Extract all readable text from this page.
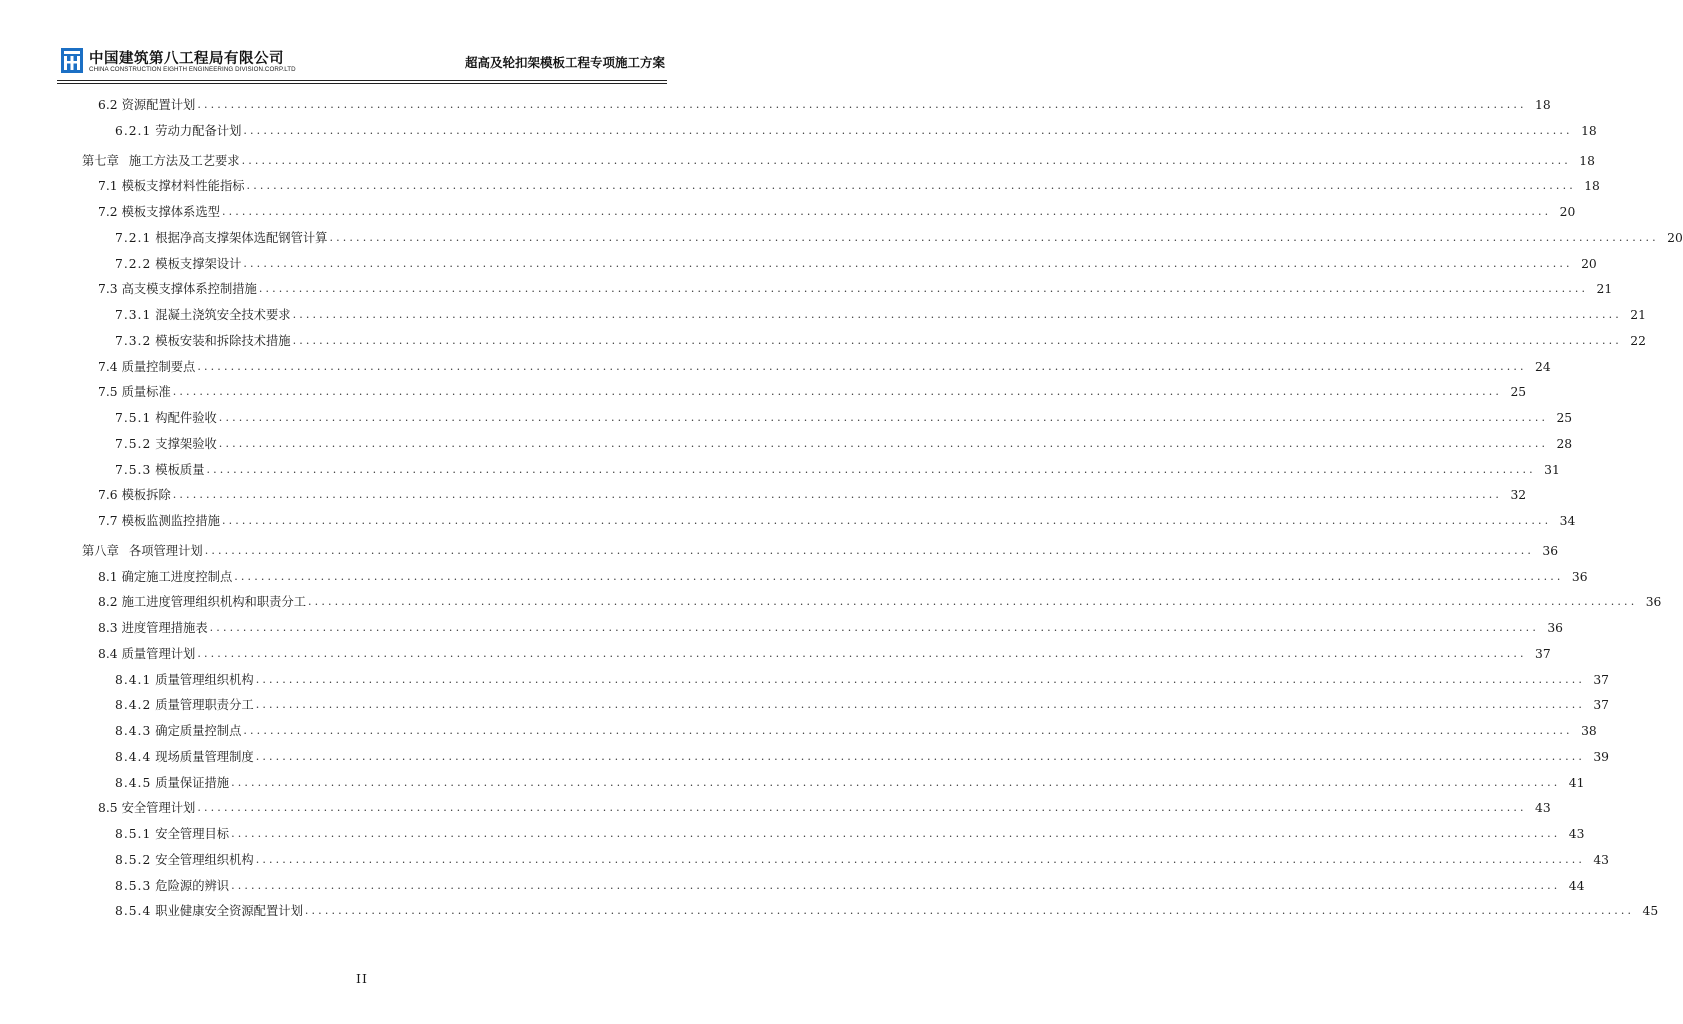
中国建筑第八工程局有限公司
CHINA CONSTRUCTION EIGHTH ENGINEERING DIVISION.CORP.LTD	超高及轮扣架模板工程专项施工方案
6.2 资源配置计划 ........................................................................................................................................................................................................ 18
6.2.1 劳动力配备计划 ........................................................................................................................................................................................................ 18
第七章 施工方法及工艺要求 ........................................................................................................................................................................................................ 18
7.1 模板支撑材料性能指标 ........................................................................................................................................................................................................ 18
7.2 模板支撑体系选型 ........................................................................................................................................................................................................ 20
7.2.1 根据净高支撑架体选配钢管计算 ........................................................................................................................................................................................................ 20
7.2.2 模板支撑架设计 ........................................................................................................................................................................................................ 20
7.3 高支模支撑体系控制措施 ........................................................................................................................................................................................................ 21
7.3.1 混凝土浇筑安全技术要求 ........................................................................................................................................................................................................ 21
7.3.2 模板安装和拆除技术措施 ........................................................................................................................................................................................................ 22
7.4 质量控制要点 ........................................................................................................................................................................................................ 24
7.5 质量标准 ........................................................................................................................................................................................................ 25
7.5.1 构配件验收 ........................................................................................................................................................................................................ 25
7.5.2 支撑架验收 ........................................................................................................................................................................................................ 28
7.5.3 模板质量 ........................................................................................................................................................................................................ 31
7.6 模板拆除 ........................................................................................................................................................................................................ 32
7.7 模板监测监控措施 ........................................................................................................................................................................................................ 34
第八章 各项管理计划 ........................................................................................................................................................................................................ 36
8.1 确定施工进度控制点 ........................................................................................................................................................................................................ 36
8.2 施工进度管理组织机构和职责分工 ........................................................................................................................................................................................................ 36
8.3 进度管理措施表 ........................................................................................................................................................................................................ 36
8.4 质量管理计划 ........................................................................................................................................................................................................ 37
8.4.1 质量管理组织机构 ........................................................................................................................................................................................................ 37
8.4.2 质量管理职责分工 ........................................................................................................................................................................................................ 37
8.4.3 确定质量控制点 ........................................................................................................................................................................................................ 38
8.4.4 现场质量管理制度 ........................................................................................................................................................................................................ 39
8.4.5 质量保证措施 ........................................................................................................................................................................................................ 41
8.5 安全管理计划 ........................................................................................................................................................................................................ 43
8.5.1 安全管理目标 ........................................................................................................................................................................................................ 43
8.5.2 安全管理组织机构 ........................................................................................................................................................................................................ 43
8.5.3 危险源的辨识 ........................................................................................................................................................................................................ 44
8.5.4 职业健康安全资源配置计划 ........................................................................................................................................................................................................ 45
II
